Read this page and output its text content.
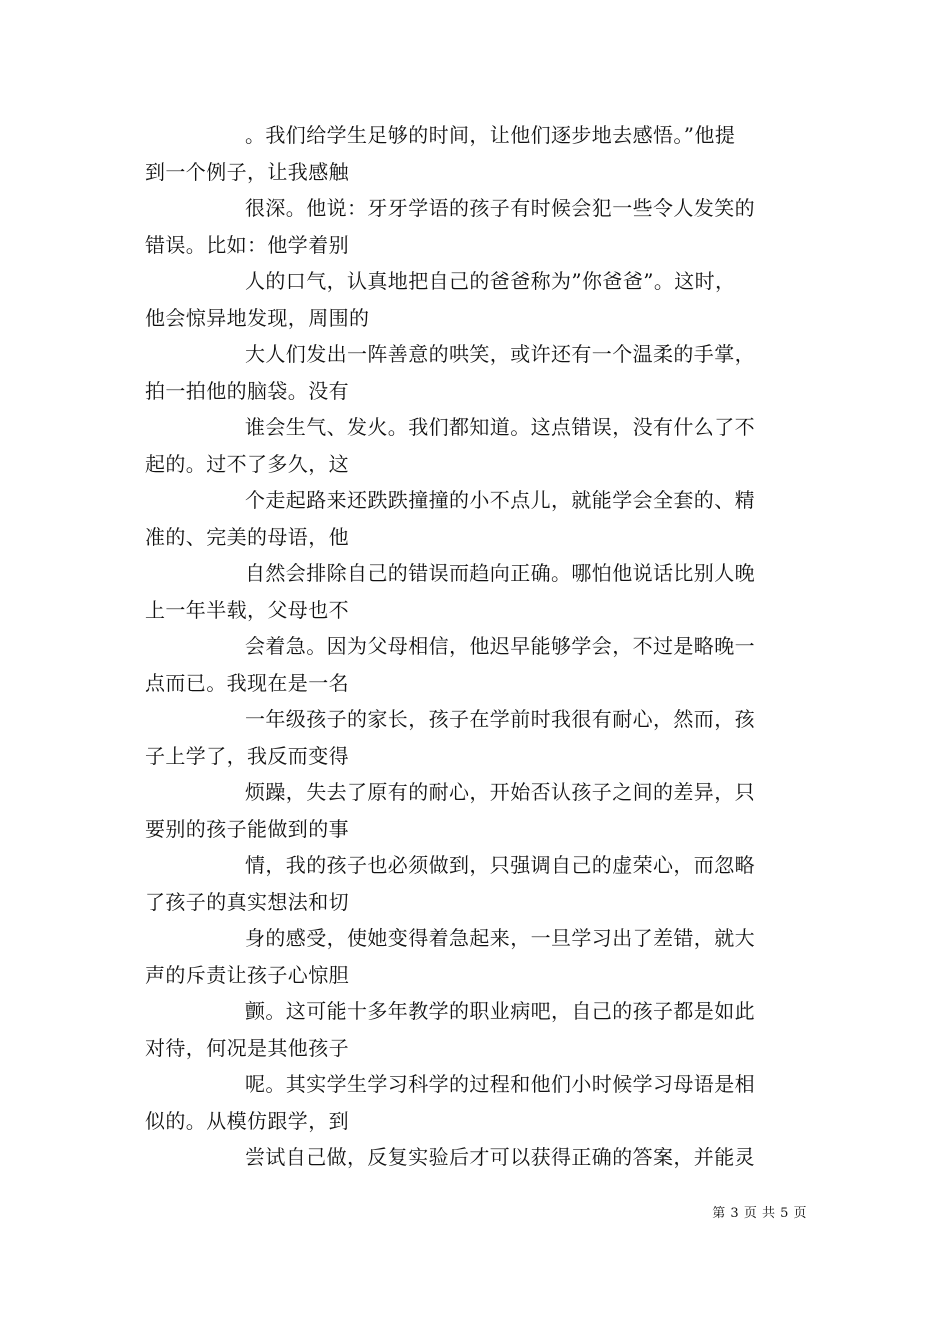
。我们给学生足够的时间，让他们逐步地去感悟。”他提
到一个例子，让我感触

很深。他说：牙牙学语的孩子有时候会犯一些令人发笑的
错误。比如：他学着别

人的口气，认真地把自己的爸爸称为”你爸爸”。这时，
他会惊异地发现，周围的

大人们发出一阵善意的哄笑，或许还有一个温柔的手掌，
拍一拍他的脑袋。没有

谁会生气、发火。我们都知道。这点错误，没有什么了不
起的。过不了多久，这

个走起路来还跌跌撞撞的小不点儿，就能学会全套的、精
准的、完美的母语，他

自然会排除自己的错误而趋向正确。哪怕他说话比别人晚
上一年半载，父母也不

会着急。因为父母相信，他迟早能够学会，不过是略晚一
点而已。我现在是一名

一年级孩子的家长，孩子在学前时我很有耐心，然而，孩
子上学了，我反而变得

烦躁，失去了原有的耐心，开始否认孩子之间的差异，只
要别的孩子能做到的事

情，我的孩子也必须做到，只强调自己的虚荣心，而忽略
了孩子的真实想法和切

身的感受，使她变得着急起来，一旦学习出了差错，就大
声的斥责让孩子心惊胆

颤。这可能十多年教学的职业病吧，自己的孩子都是如此
对待，何况是其他孩子

呢。其实学生学习科学的过程和他们小时候学习母语是相
似的。从模仿跟学，到

尝试自己做，反复实验后才可以获得正确的答案，并能灵

第 3 页 共 5 页
